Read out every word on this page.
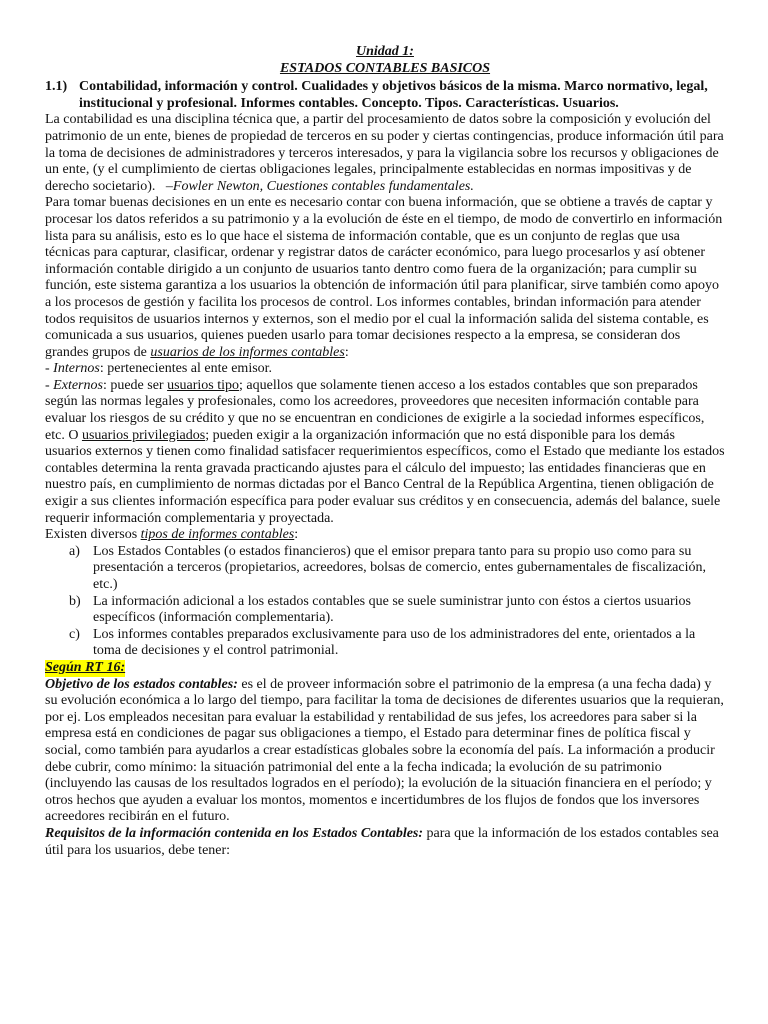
Unidad 1:

ESTADOS CONTABLES BASICOS

1.1) Contabilidad, información y control. Cualidades y objetivos básicos de la misma. Marco normativo, legal, institucional y profesional. Informes contables. Concepto. Tipos. Características. Usuarios.

La contabilidad es una disciplina técnica que, a partir del procesamiento de datos sobre la composición y evolución del patrimonio de un ente, bienes de propiedad de terceros en su poder y ciertas contingencias, produce información útil para la toma de decisiones de administradores y terceros interesados, y para la vigilancia sobre los recursos y obligaciones de un ente, (y el cumplimiento de ciertas obligaciones legales, principalmente establecidas en normas impositivas y de derecho societario). –Fowler Newton, Cuestiones contables fundamentales.

Para tomar buenas decisiones en un ente es necesario contar con buena información, que se obtiene a través de captar y procesar los datos referidos a su patrimonio y a la evolución de éste en el tiempo, de modo de convertirlo en información lista para su análisis, esto es lo que hace el sistema de información contable, que es un conjunto de reglas que usa técnicas para capturar, clasificar, ordenar y registrar datos de carácter económico, para luego procesarlos y así obtener información contable dirigido a un conjunto de usuarios tanto dentro como fuera de la organización; para cumplir su función, este sistema garantiza a los usuarios la obtención de información útil para planificar, sirve también como apoyo a los procesos de gestión y facilita los procesos de control. Los informes contables, brindan información para atender todos requisitos de usuarios internos y externos, son el medio por el cual la información salida del sistema contable, es comunicada a sus usuarios, quienes pueden usarlo para tomar decisiones respecto a la empresa, se consideran dos grandes grupos de usuarios de los informes contables:

- Internos: pertenecientes al ente emisor.

- Externos: puede ser usuarios tipo; aquellos que solamente tienen acceso a los estados contables que son preparados según las normas legales y profesionales, como los acreedores, proveedores que necesiten información contable para evaluar los riesgos de su crédito y que no se encuentran en condiciones de exigirle a la sociedad informes específicos, etc. O usuarios privilegiados; pueden exigir a la organización información que no está disponible para los demás usuarios externos y tienen como finalidad satisfacer requerimientos específicos, como el Estado que mediante los estados contables determina la renta gravada practicando ajustes para el cálculo del impuesto; las entidades financieras que en nuestro país, en cumplimiento de normas dictadas por el Banco Central de la República Argentina, tienen obligación de exigir a sus clientes información específica para poder evaluar sus créditos y en consecuencia, además del balance, suele requerir información complementaria y proyectada.

Existen diversos tipos de informes contables:

a) Los Estados Contables (o estados financieros) que el emisor prepara tanto para su propio uso como para su presentación a terceros (propietarios, acreedores, bolsas de comercio, entes gubernamentales de fiscalización, etc.)
b) La información adicional a los estados contables que se suele suministrar junto con éstos a ciertos usuarios específicos (información complementaria).
c) Los informes contables preparados exclusivamente para uso de los administradores del ente, orientados a la toma de decisiones y el control patrimonial.

Según RT 16:

Objetivo de los estados contables: es el de proveer información sobre el patrimonio de la empresa (a una fecha dada) y su evolución económica a lo largo del tiempo, para facilitar la toma de decisiones de diferentes usuarios que la requieran, por ej. Los empleados necesitan para evaluar la estabilidad y rentabilidad de sus jefes, los acreedores para saber si la empresa está en condiciones de pagar sus obligaciones a tiempo, el Estado para determinar fines de política fiscal y social, como también para ayudarlos a crear estadísticas globales sobre la economía del país. La información a producir debe cubrir, como mínimo: la situación patrimonial del ente a la fecha indicada; la evolución de su patrimonio (incluyendo las causas de los resultados logrados en el período); la evolución de la situación financiera en el período; y otros hechos que ayuden a evaluar los montos, momentos e incertidumbres de los flujos de fondos que los inversores acreedores recibirán en el futuro.

Requisitos de la información contenida en los Estados Contables: para que la información de los estados contables sea útil para los usuarios, debe tener:
